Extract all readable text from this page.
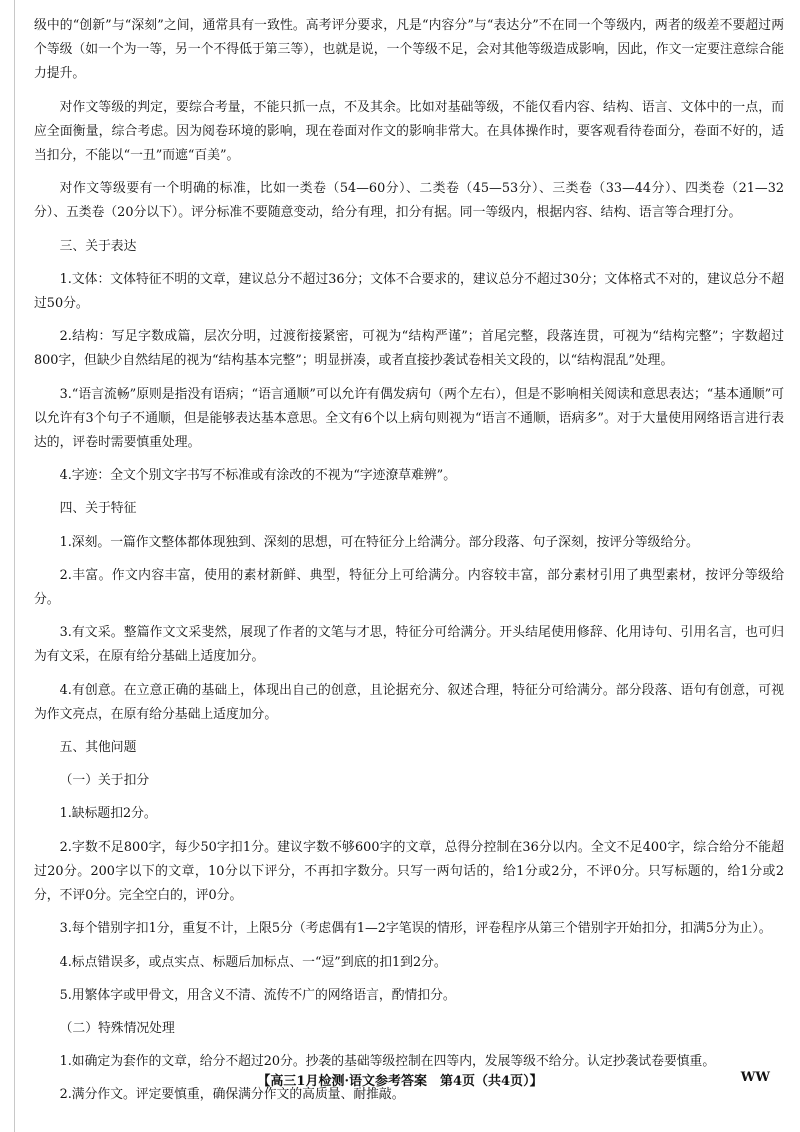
级中的“创新”与“深刻”之间，通常具有一致性。高考评分要求，凡是“内容分”与“表达分”不在同一个等级内，两者的级差不要超过两个等级（如一个为一等，另一个不得低于第三等），也就是说，一个等级不足，会对其他等级造成影响，因此，作文一定要注意综合能力提升。

对作文等级的判定，要综合考量，不能只抓一点，不及其余。比如对基础等级，不能仅看内容、结构、语言、文体中的一点，而应全面衡量，综合考虑。因为阅卷环境的影响，现在卷面对作文的影响非常大。在具体操作时，要客观看待卷面分，卷面不好的，适当扣分，不能以“一丑”而遮“百美”。

对作文等级要有一个明确的标准，比如一类卷（54—60分）、二类卷（45—53分）、三类卷（33—44分）、四类卷（21—32分）、五类卷（20分以下）。评分标准不要随意变动，给分有理，扣分有据。同一等级内，根据内容、结构、语言等合理打分。

三、关于表达

1.文体：文体特征不明的文章，建议总分不超过36分；文体不合要求的，建议总分不超过30分；文体格式不对的，建议总分不超过50分。

2.结构：写足字数成篇，层次分明，过渡衔接紧密，可视为“结构严谨”；首尾完整，段落连贯，可视为“结构完整”；字数超过800字，但缺少自然结尾的视为“结构基本完整”；明显拼凑，或者直接抄袭试卷相关文段的，以“结构混乱”处理。

3.“语言流畅”原则是指没有语病；“语言通顺”可以允许有偶发病句（两个左右），但是不影响相关阅读和意思表达；“基本通顺”可以允许有3个句子不通顺，但是能够表达基本意思。全文有6个以上病句则视为“语言不通顺，语病多”。对于大量使用网络语言进行表达的，评卷时需要慎重处理。

4.字迹：全文个别文字书写不标准或有涂改的不视为“字迹潦草难辨”。

四、关于特征

1.深刻。一篇作文整体都体现独到、深刻的思想，可在特征分上给满分。部分段落、句子深刻，按评分等级给分。

2.丰富。作文内容丰富，使用的素材新鲜、典型，特征分上可给满分。内容较丰富，部分素材引用了典型素材，按评分等级给分。

3.有文采。整篇作文文采斐然，展现了作者的文笔与才思，特征分可给满分。开头结尾使用修辞、化用诗句、引用名言，也可归为有文采，在原有给分基础上适度加分。

4.有创意。在立意正确的基础上，体现出自己的创意，且论据充分、叙述合理，特征分可给满分。部分段落、语句有创意，可视为作文亮点，在原有给分基础上适度加分。

五、其他问题

（一）关于扣分

1.缺标题扣2分。

2.字数不足800字，每少50字扣1分。建议字数不够600字的文章，总得分控制在36分以内。全文不足400字，综合给分不能超过20分。200字以下的文章，10分以下评分，不再扣字数分。只写一两句话的，给1分或2分，不评0分。只写标题的，给1分或2分，不评0分。完全空白的，评0分。

3.每个错别字扣1分，重复不计，上限5分（考虑偶有1—2字笔误的情形，评卷程序从第三个错别字开始扣分，扣满5分为止）。

4.标点错误多，或点实点、标题后加标点、一“逗”到底的扣1到2分。

5.用繁体字或甲骨文，用含义不清、流传不广的网络语言，酌情扣分。

（二）特殊情况处理

1.如确定为套作的文章，给分不超过20分。抄袭的基础等级控制在四等内，发展等级不给分。认定抄袭试卷要慎重。

2.满分作文。评定要慎重，确保满分作文的高质量、耐推敲。

【高三1月检测·语文参考答案　第4页（共4页）】	WW
